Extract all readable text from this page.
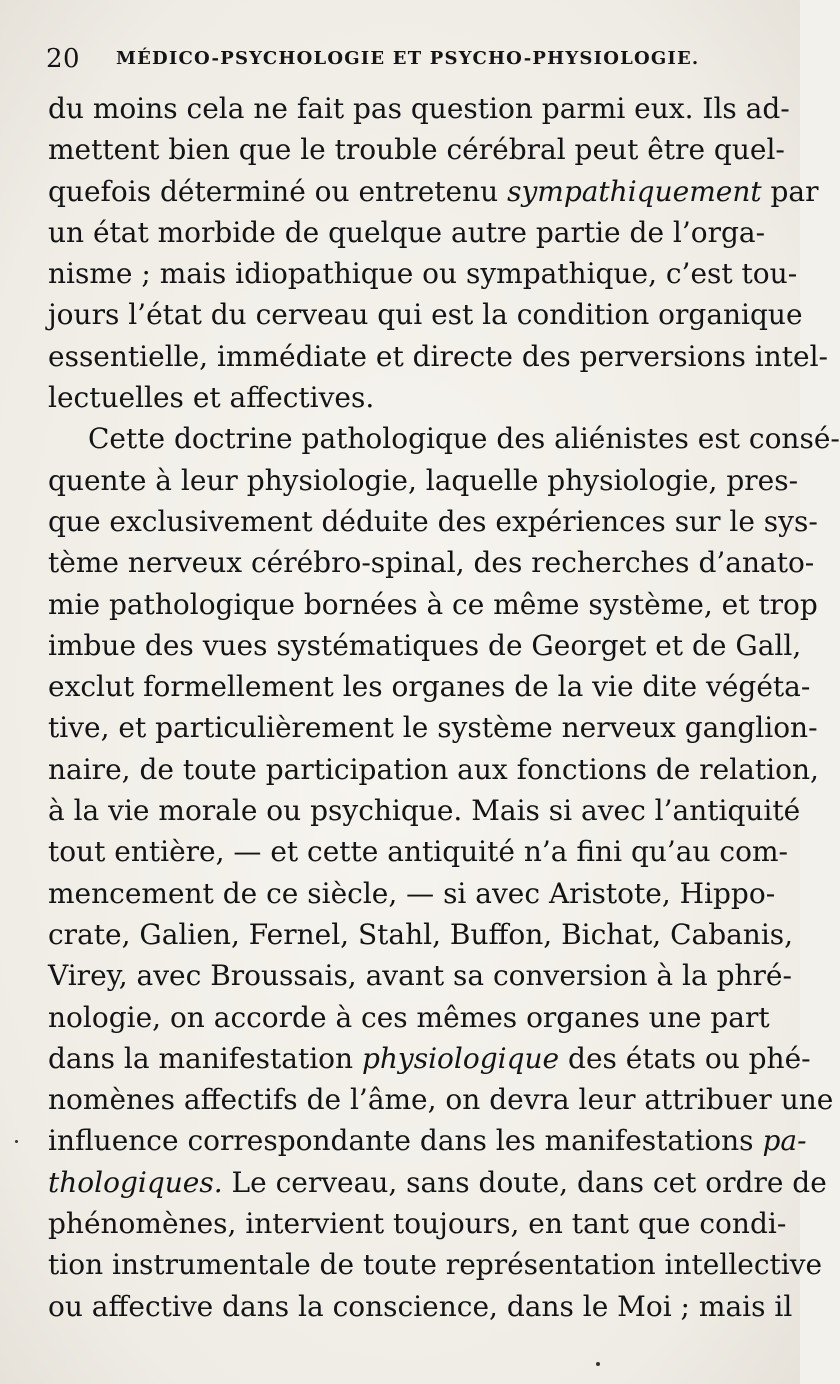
20 MÉDICO-PSYCHOLOGIE ET PSYCHO-PHYSIOLOGIE.
du moins cela ne fait pas question parmi eux. Ils ad-
mettent bien que le trouble cérébral peut être quel-
quefois déterminé ou entretenu sympathiquement par
un état morbide de quelque autre partie de l’orga-
nisme ; mais idiopathique ou sympathique, c’est tou-
jours l’état du cerveau qui est la condition organique
essentielle, immédiate et directe des perversions intel-
lectuelles et affectives.
Cette doctrine pathologique des aliénistes est consé-
quente à leur physiologie, laquelle physiologie, pres-
que exclusivement déduite des expériences sur le sys-
tème nerveux cérébro-spinal, des recherches d’anato-
mie pathologique bornées à ce même système, et trop
imbue des vues systématiques de Georget et de Gall,
exclut formellement les organes de la vie dite végéta-
tive, et particulièrement le système nerveux ganglion-
naire, de toute participation aux fonctions de relation,
à la vie morale ou psychique. Mais si avec l’antiquité
tout entière, — et cette antiquité n’a fini qu’au com-
mencement de ce siècle, — si avec Aristote, Hippo-
crate, Galien, Fernel, Stahl, Buffon, Bichat, Cabanis,
Virey, avec Broussais, avant sa conversion à la phré-
nologie, on accorde à ces mêmes organes une part
dans la manifestation physiologique des états ou phé-
nomènes affectifs de l’âme, on devra leur attribuer une
influence correspondante dans les manifestations pa-
thologiques. Le cerveau, sans doute, dans cet ordre de
phénomènes, intervient toujours, en tant que condi-
tion instrumentale de toute représentation intellective
ou affective dans la conscience, dans le Moi ; mais il
